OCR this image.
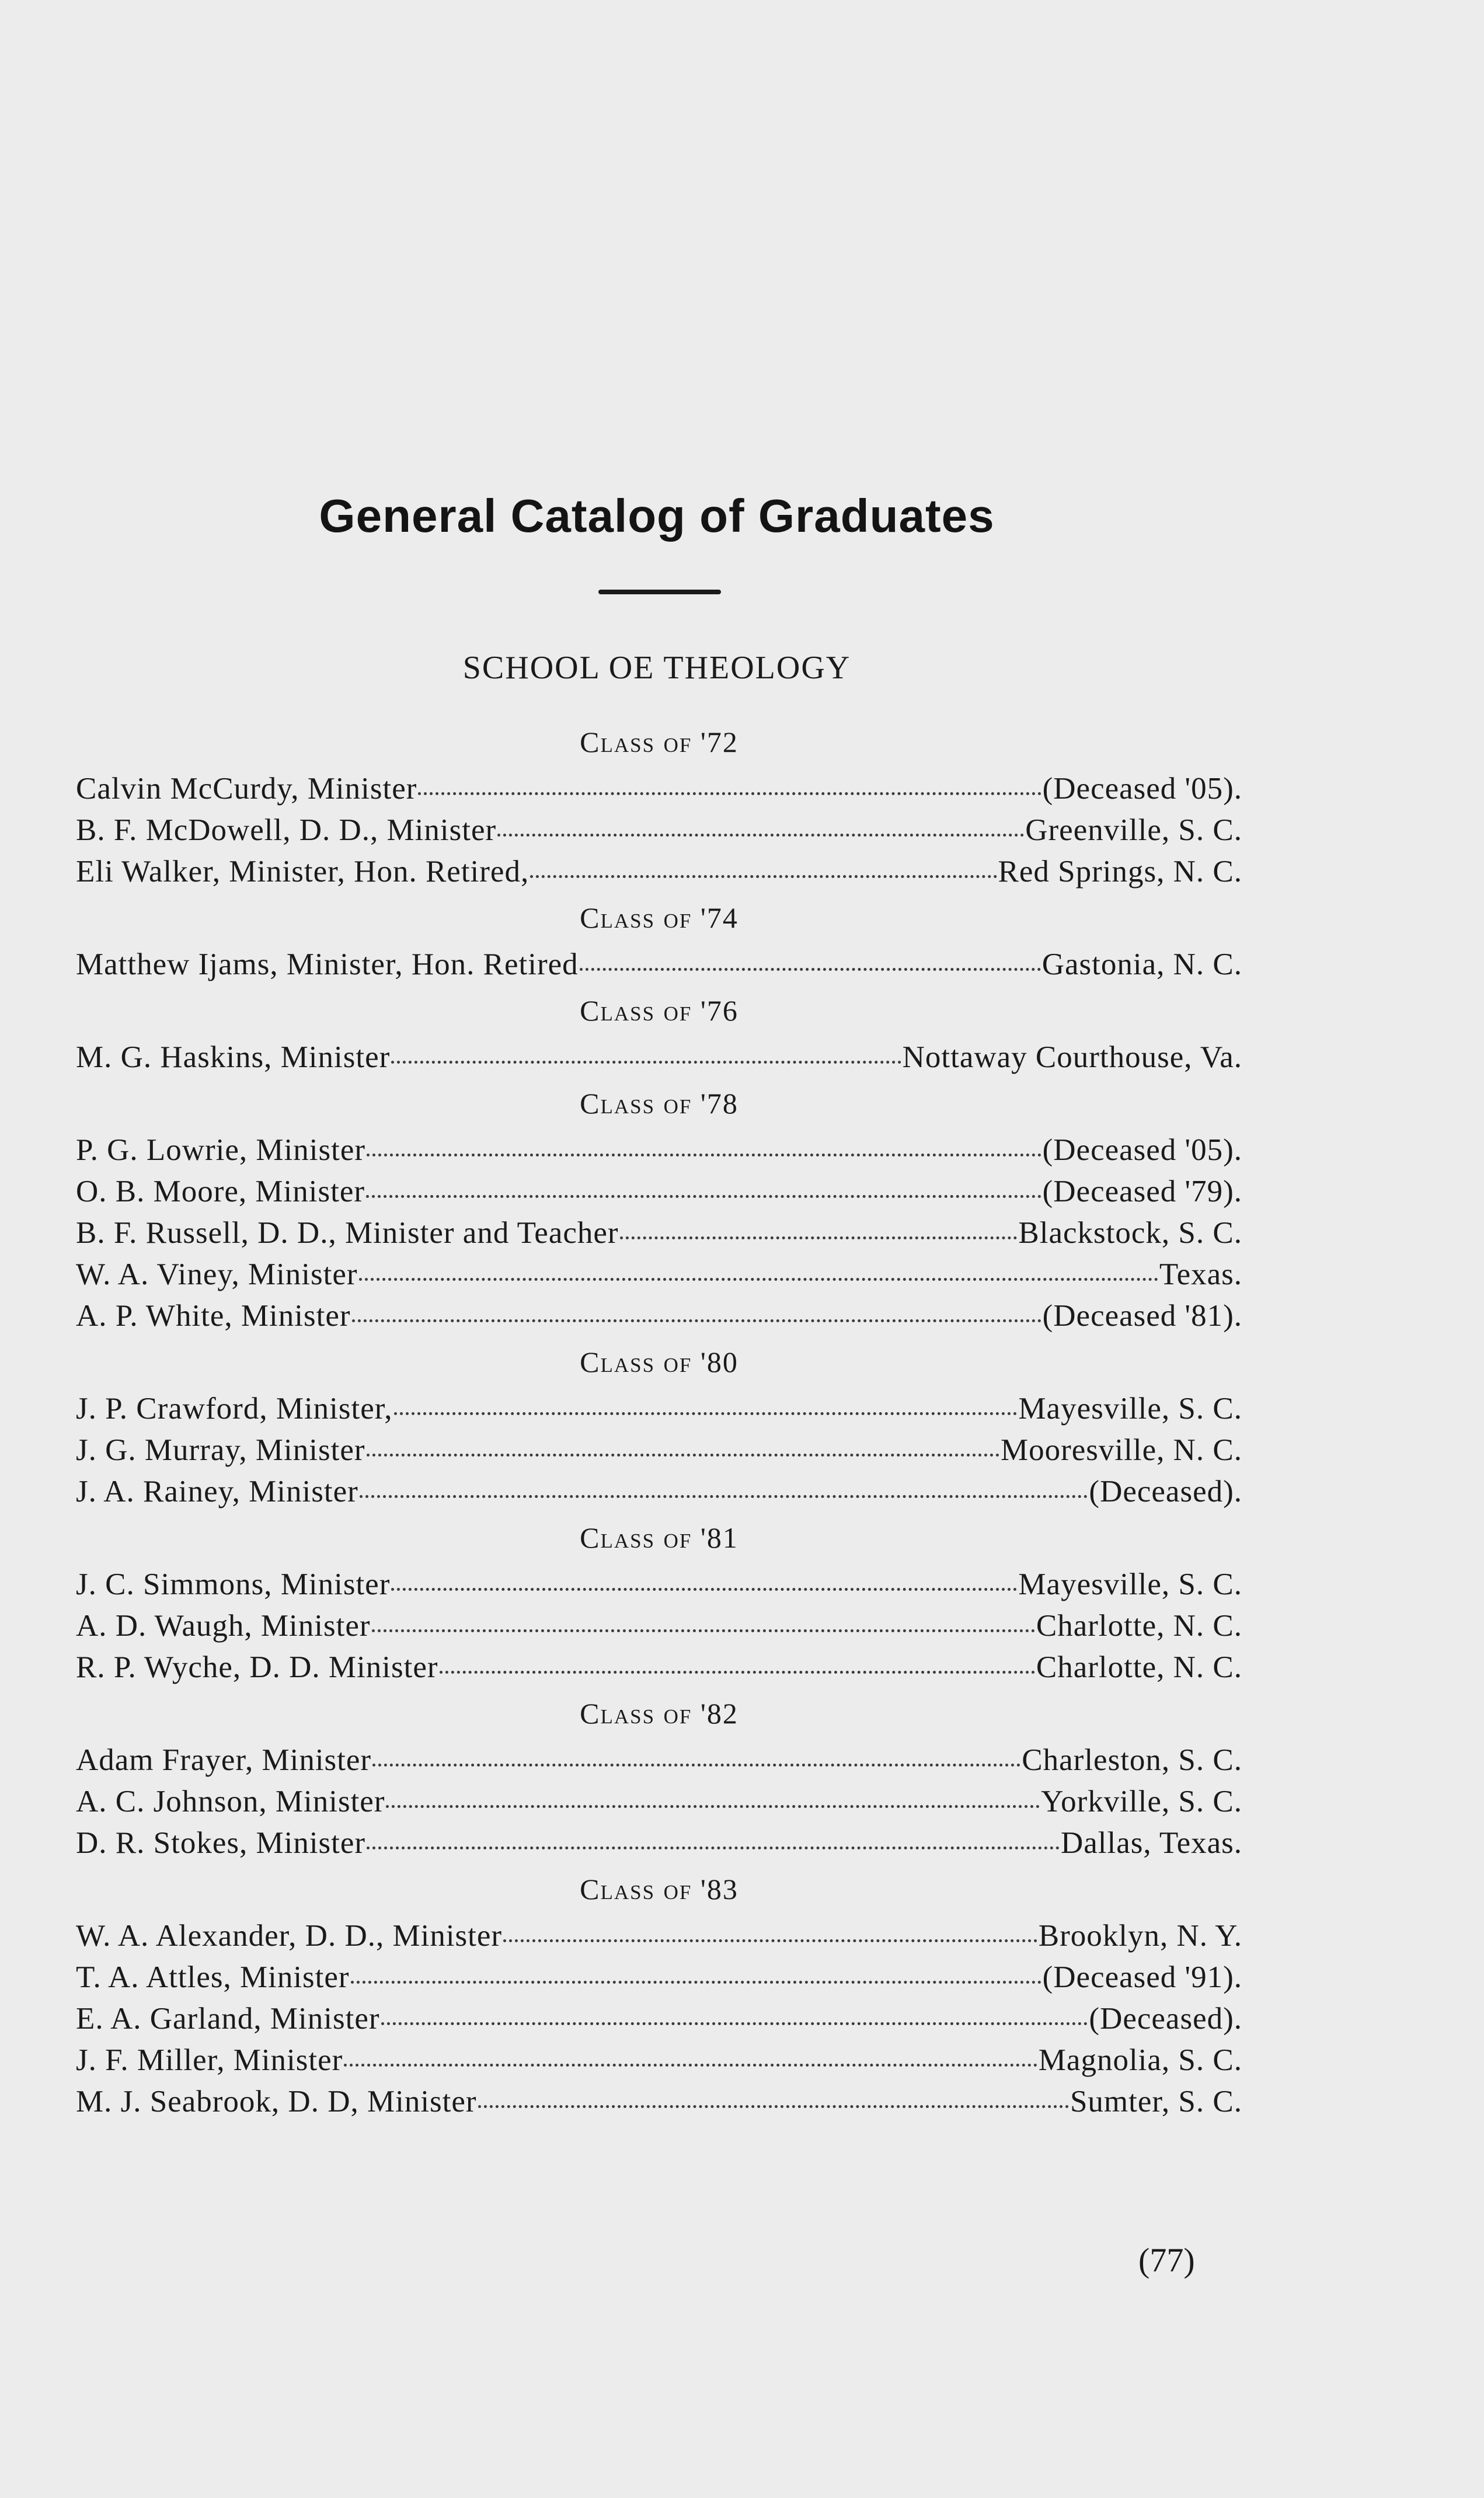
General Catalog of Graduates
SCHOOL OE THEOLOGY
Class of '72
Calvin McCurdy, Minister	(Deceased '05).
B. F. McDowell, D. D., Minister	Greenville, S. C.
Eli Walker, Minister, Hon. Retired,	Red Springs, N. C.
Class of '74
Matthew Ijams, Minister, Hon. Retired	Gastonia, N. C.
Class of '76
M. G. Haskins, Minister	Nottaway Courthouse, Va.
Class of '78
P. G. Lowrie, Minister	(Deceased '05).
O. B. Moore, Minister	(Deceased '79).
B. F. Russell, D. D., Minister and Teacher	Blackstock, S. C.
W. A. Viney, Minister	Texas.
A. P. White, Minister	(Deceased '81).
Class of '80
J. P. Crawford, Minister,	Mayesville, S. C.
J. G. Murray, Minister	Mooresville, N. C.
J. A. Rainey, Minister	(Deceased).
Class of '81
J. C. Simmons, Minister	Mayesville, S. C.
A. D. Waugh, Minister	Charlotte, N. C.
R. P. Wyche, D. D. Minister	Charlotte, N. C.
Class of '82
Adam Frayer, Minister	Charleston, S. C.
A. C. Johnson, Minister	Yorkville, S. C.
D. R. Stokes, Minister	Dallas, Texas.
Class of '83
W. A. Alexander, D. D., Minister	Brooklyn, N. Y.
T. A. Attles, Minister	(Deceased '91).
E. A. Garland, Minister	(Deceased).
J. F. Miller, Minister	Magnolia, S. C.
M. J. Seabrook, D. D, Minister	Sumter, S. C.
(77)
